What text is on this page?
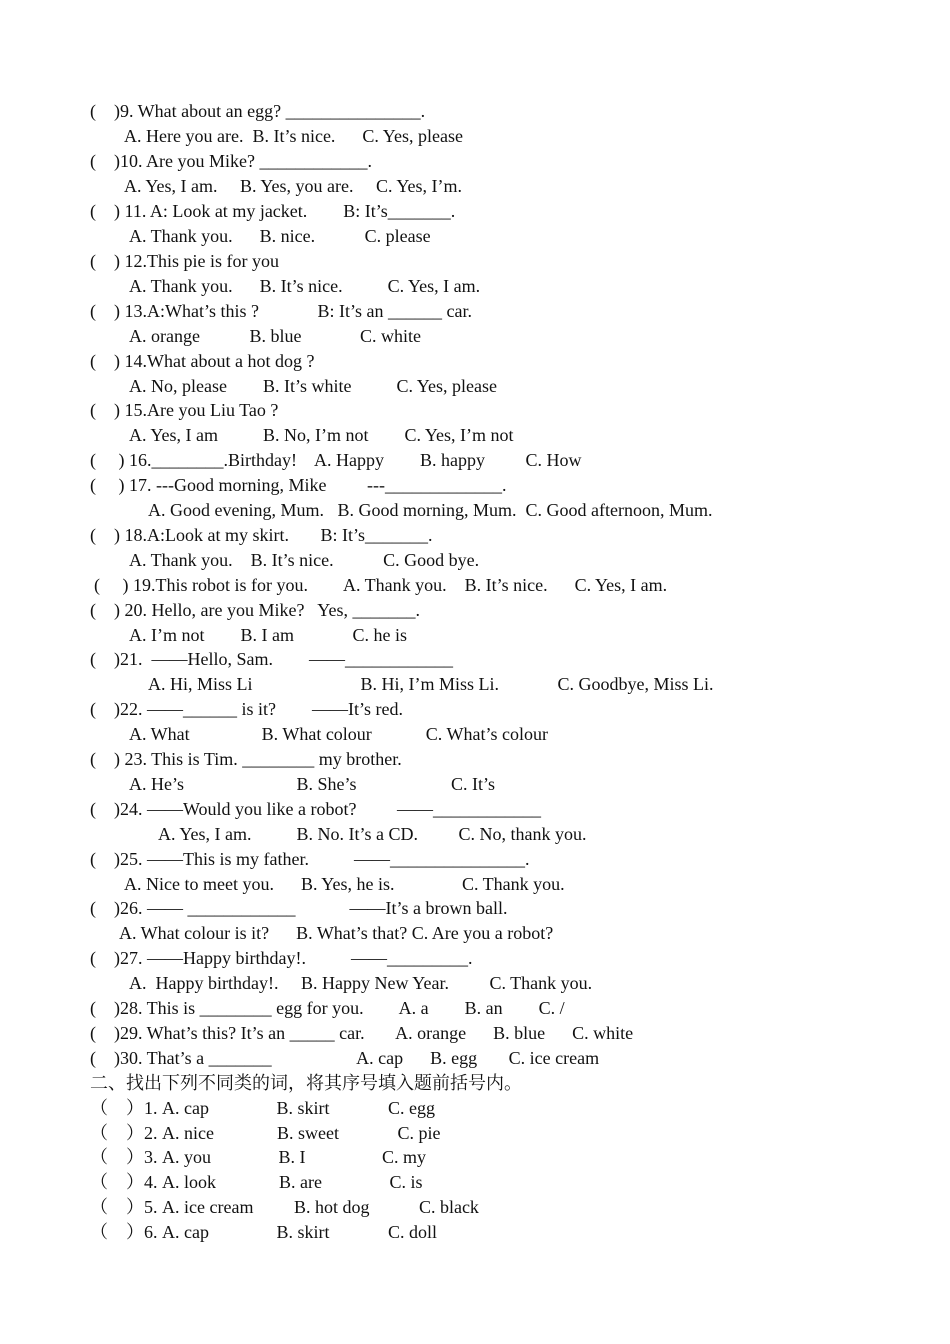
(    )9. What about an egg? _______________.
A. Here you are.  B. It’s nice.      C. Yes, please
(    )10. Are you Mike? ____________.
A. Yes, I am.     B. Yes, you are.     C. Yes, I’m.
(    ) 11. A: Look at my jacket.        B: It’s_______.
A. Thank you.      B. nice.           C. please
(    ) 12.This pie is for you
A. Thank you.      B. It’s nice.          C. Yes, I am.
(    ) 13.A:What’s this ?             B: It’s an ______ car.
A. orange           B. blue             C. white
(    ) 14.What about a hot dog ?
A. No, please        B. It’s white          C. Yes, please
(    ) 15.Are you Liu Tao ?
A. Yes, I am          B. No, I’m not        C. Yes, I’m not
(     ) 16.________.Birthday!    A. Happy        B. happy         C. How
(     ) 17. ---Good morning, Mike         ---_____________.
A. Good evening, Mum.   B. Good morning, Mum.  C. Good afternoon, Mum.
(    ) 18.A:Look at my skirt.       B: It’s_______.
A. Thank you.    B. It’s nice.           C. Good bye.
(     ) 19.This robot is for you.        A. Thank you.    B. It’s nice.      C. Yes, I am.
(    ) 20. Hello, are you Mike?   Yes, _______.
A. I’m not        B. I am             C. he is
(    )21.  ——Hello, Sam.        ——____________
A. Hi, Miss Li                        B. Hi, I’m Miss Li.             C. Goodbye, Miss Li.
(    )22. ——______ is it?        ——It’s red.
A. What                B. What colour            C. What’s colour
(    ) 23. This is Tim. ________ my brother.
A. He’s                         B. She’s                     C. It’s
(    )24. ——Would you like a robot?         ——____________
A. Yes, I am.          B. No. It’s a CD.         C. No, thank you.
(    )25. ——This is my father.          ——_______________.
A. Nice to meet you.      B. Yes, he is.               C. Thank you.
(    )26. —— ____________            ——It’s a brown ball.
A. What colour is it?      B. What’s that? C. Are you a robot?
(    )27. ——Happy birthday!.          ——_________.
A.  Happy birthday!.     B. Happy New Year.         C. Thank you.
(    )28. This is ________ egg for you.        A. a        B. an        C. /
(    )29. What’s this? It’s an _____ car.       A. orange      B. blue      C. white
(    )30. That’s a _______                   A. cap      B. egg       C. ice cream
二、找出下列不同类的词，将其序号填入题前括号内。
（    ）1. A. cap               B. skirt             C. egg
（    ）2. A. nice              B. sweet             C. pie
（    ）3. A. you               B. I                 C. my
（    ）4. A. look              B. are               C. is
（    ）5. A. ice cream         B. hot dog           C. black
（    ）6. A. cap               B. skirt             C. doll
